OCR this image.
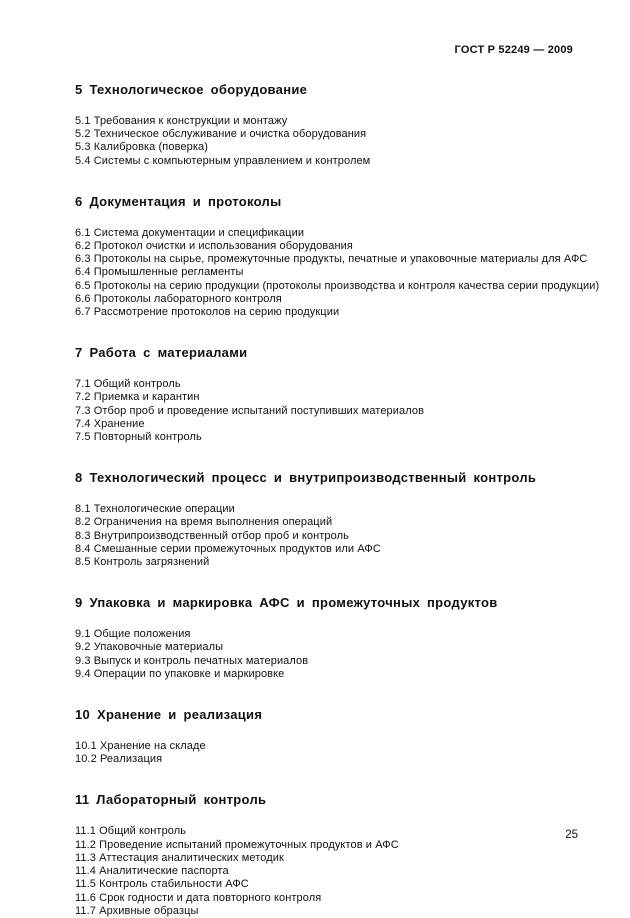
ГОСТ Р 52249 — 2009
5 Технологическое оборудование
5.1 Требования к конструкции и монтажу
5.2 Техническое обслуживание и очистка оборудования
5.3 Калибровка (поверка)
5.4 Системы с компьютерным управлением и контролем
6 Документация и протоколы
6.1 Система документации и спецификации
6.2 Протокол очистки и использования оборудования
6.3 Протоколы на сырье, промежуточные продукты, печатные и упаковочные материалы для АФС
6.4 Промышленные регламенты
6.5 Протоколы на серию продукции (протоколы производства и контроля качества серии продукции)
6.6 Протоколы лабораторного контроля
6.7 Рассмотрение протоколов на серию продукции
7 Работа с материалами
7.1 Общий контроль
7.2 Приемка и карантин
7.3 Отбор проб и проведение испытаний поступивших материалов
7.4 Хранение
7.5 Повторный контроль
8 Технологический процесс и внутрипроизводственный контроль
8.1 Технологические операции
8.2 Ограничения на время выполнения операций
8.3 Внутрипроизводственный отбор проб и контроль
8.4 Смешанные серии промежуточных продуктов или АФС
8.5 Контроль загрязнений
9 Упаковка и маркировка АФС и промежуточных продуктов
9.1 Общие положения
9.2 Упаковочные материалы
9.3 Выпуск и контроль печатных материалов
9.4 Операции по упаковке и маркировке
10 Хранение и реализация
10.1 Хранение на складе
10.2 Реализация
11 Лабораторный контроль
11.1 Общий контроль
11.2 Проведение испытаний промежуточных продуктов и АФС
11.3 Аттестация аналитических методик
11.4 Аналитические паспорта
11.5 Контроль стабильности АФС
11.6 Срок годности и дата повторного контроля
11.7 Архивные образцы
25
